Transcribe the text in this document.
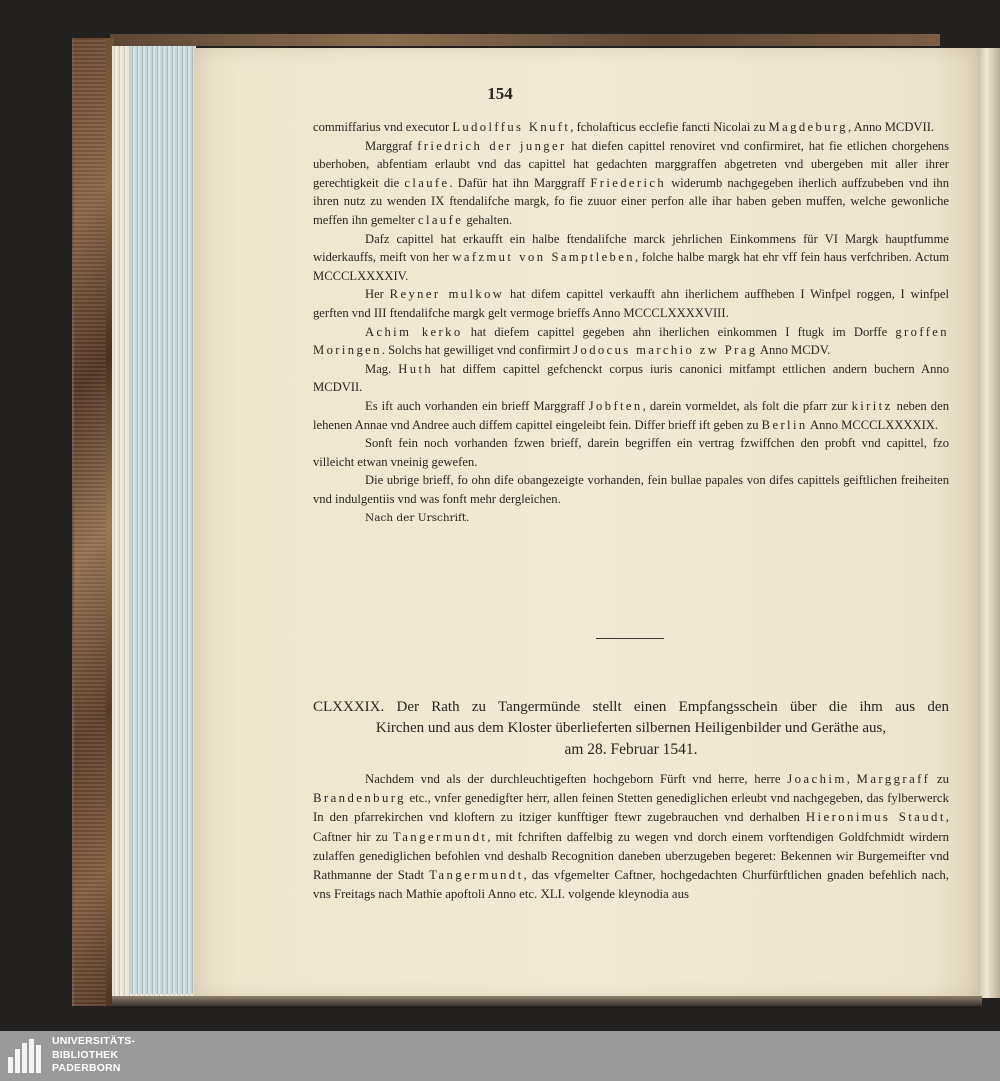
154

commiffarius vnd executor Ludolffus Knuft, fcholafticus ecclefie fancti Nicolai zu Magdeburg, Anno MCDVII.

Marggraf friedrich der junger hat diefen capittel renoviret vnd confirmiret, hat fie etlichen chorgehens uberhoben, abfentiam erlaubt vnd das capittel hat gedachten marggraffen abgetreten vnd ubergeben mit aller ihrer gerechtigkeit die claufe. Dafür hat ihn Marggraff Friederich widerumb nachgegeben iherlich auffzubeben vnd ihn ihren nutz zu wenden IX ftendalifche margk, fo fie zuuor einer perfon alle ihar haben geben muffen, welche gewonliche meffen ihn gemelter claufe gehalten.

Dafz capittel hat erkaufft ein halbe ftendalifche marck jehrlichen Einkommens für VI Margk hauptfumme widerkauffs, meift von her wafzmut von Samptleben, folche halbe margk hat ehr vff fein haus verfchriben. Actum MCCCLXXXXIV.

Her Reyner mulkow hat difem capittel verkaufft ahn iherlichem auffheben I Winfpel roggen, I winfpel gerften vnd III ftendalifche margk gelt vermoge brieffs Anno MCCCLXXXXVIII.

Achim kerko hat diefem capittel gegeben ahn iherlichen einkommen I ftugk im Dorffe groffen Moringen. Solchs hat gewilliget vnd confirmirt Jodocus marchio zw Prag Anno MCDV.

Mag. Huth hat diffem capittel gefchenckt corpus iuris canonici mitfampt ettlichen andern buchern Anno MCDVII.

Es ift auch vorhanden ein brieff Marggraff Jobften, darein vormeldet, als folt die pfarr zur kiritz neben den lehenen Annae vnd Andree auch diffem capittel eingeleibt fein. Differ brieff ift geben zu Berlin Anno MCCCLXXXXIX.

Sonft fein noch vorhanden fzwen brieff, darein begriffen ein vertrag fzwiffchen den probft vnd capittel, fzo villeicht etwan vneinig gewefen.

Die ubrige brieff, fo ohn dife obangezeigte vorhanden, fein bullae papales von difes capittels geiftlichen freiheiten vnd indulgentiis vnd was fonft mehr dergleichen.

Nach der Urschrift.

CLXXXIX. Der Rath zu Tangermünde stellt einen Empfangsschein über die ihm aus den

Kirchen und aus dem Kloster überlieferten silbernen Heiligenbilder und Geräthe aus,

am 28. Februar 1541.

Nachdem vnd als der durchleuchtigeften hochgeborn Fürft vnd herre, herre Joachim, Marggraff zu Brandenburg etc., vnfer genedigfter herr, allen feinen Stetten genediglichen erleubt vnd nachgegeben, das fylberwerck In den pfarrekirchen vnd kloftern zu itziger kunfftiger ftewr zugebrauchen vnd derhalben Hieronimus Staudt, Caftner hir zu Tangermundt, mit fchriften daffelbig zu wegen vnd dorch einem vorftendigen Goldfchmidt wirdern zulaffen genediglichen befohlen vnd deshalb Recognition daneben uberzugeben begeret: Bekennen wir Burgemeifter vnd Rathmanne der Stadt Tangermundt, das vfgemelter Caftner, hochgedachten Churfürftlichen gnaden befehlich nach, vns Freitags nach Mathie apoftoli Anno etc. XLI. volgende kleynodia aus

UNIVERSITÄTS-
BIBLIOTHEK
PADERBORN
